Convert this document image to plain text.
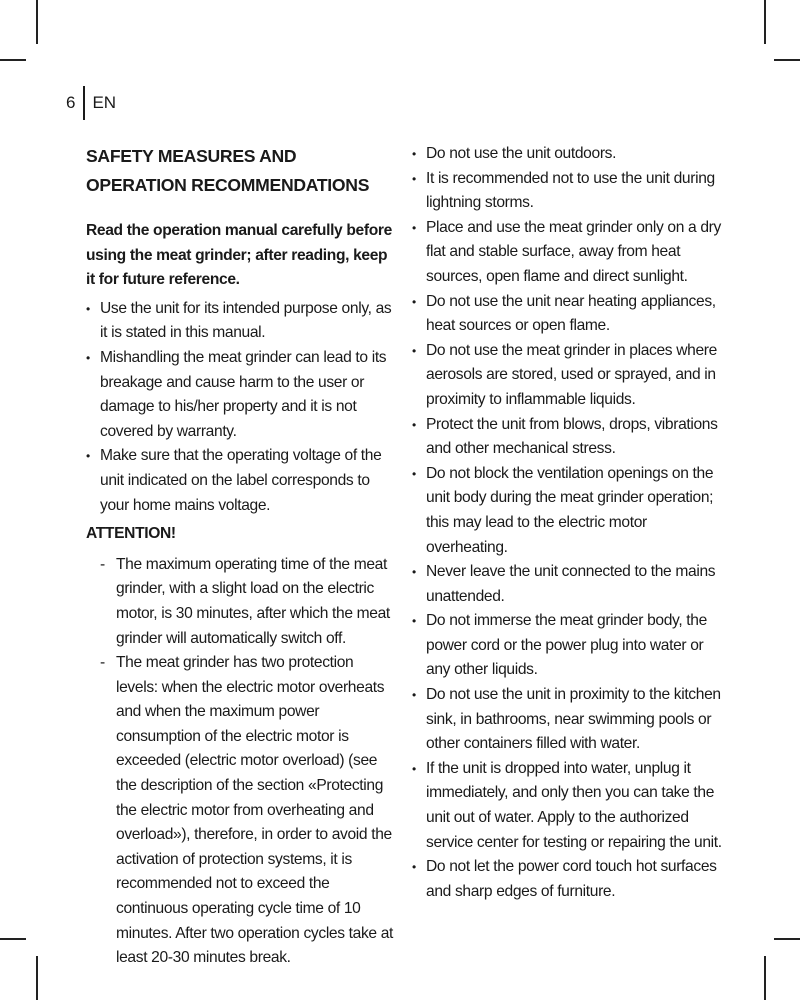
6 EN
SAFETY MEASURES AND OPERATION RECOMMENDATIONS

Read the operation manual carefully before using the meat grinder; after reading, keep it for future reference.

• Use the unit for its intended purpose only, as it is stated in this manual.
• Mishandling the meat grinder can lead to its breakage and cause harm to the user or damage to his/her property and it is not covered by warranty.
• Make sure that the operating voltage of the unit indicated on the label corresponds to your home mains voltage.

ATTENTION!

- The maximum operating time of the meat grinder, with a slight load on the electric motor, is 30 minutes, after which the meat grinder will automatically switch off.
- The meat grinder has two protection levels: when the electric motor overheats and when the maximum power consumption of the electric motor is exceeded (electric motor overload) (see the description of the section «Protecting the electric motor from overheating and overload»), therefore, in order to avoid the activation of protection systems, it is recommended not to exceed the continuous operating cycle time of 10 minutes. After two operation cycles take at least 20-30 minutes break.
• Do not use the unit outdoors.
• It is recommended not to use the unit during lightning storms.
• Place and use the meat grinder only on a dry flat and stable surface, away from heat sources, open flame and direct sunlight.
• Do not use the unit near heating appliances, heat sources or open flame.
• Do not use the meat grinder in places where aerosols are stored, used or sprayed, and in proximity to inflammable liquids.
• Protect the unit from blows, drops, vibrations and other mechanical stress.
• Do not block the ventilation openings on the unit body during the meat grinder operation; this may lead to the electric motor overheating.
• Never leave the unit connected to the mains unattended.
• Do not immerse the meat grinder body, the power cord or the power plug into water or any other liquids.
• Do not use the unit in proximity to the kitchen sink, in bathrooms, near swimming pools or other containers filled with water.
• If the unit is dropped into water, unplug it immediately, and only then you can take the unit out of water. Apply to the authorized service center for testing or repairing the unit.
• Do not let the power cord touch hot surfaces and sharp edges of furniture.
